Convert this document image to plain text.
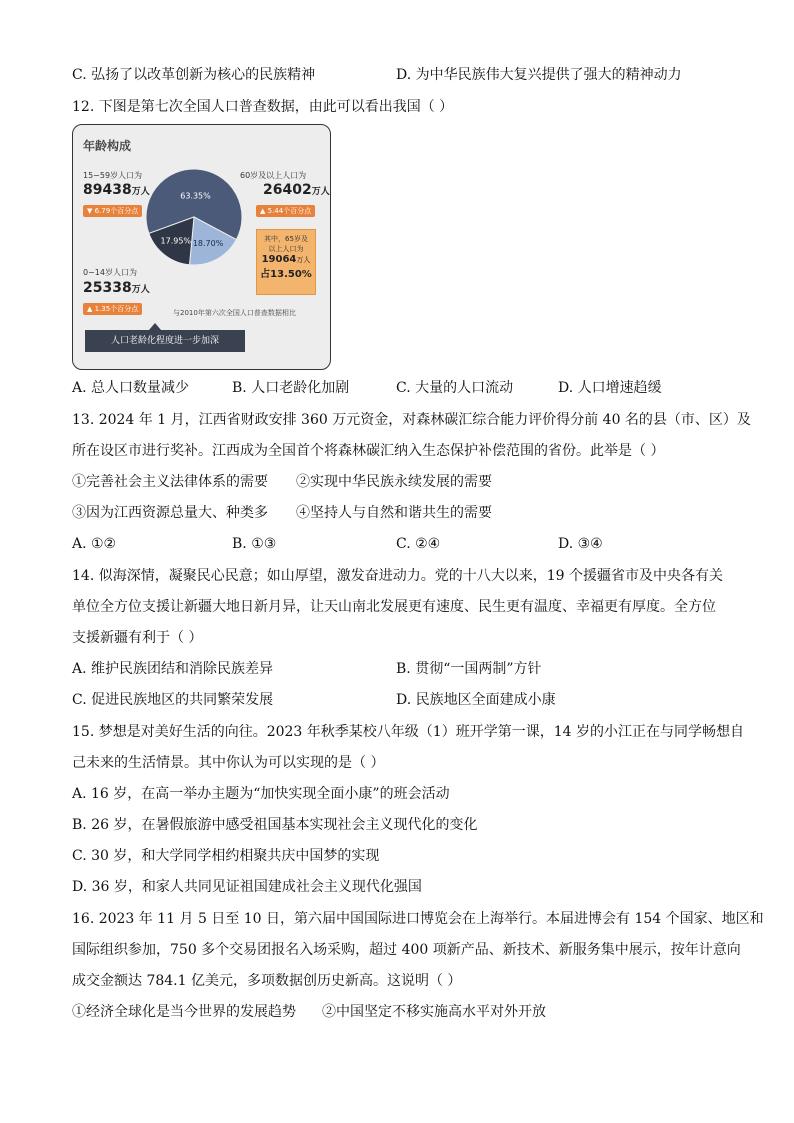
C. 弘扬了以改革创新为核心的民族精神	D. 为中华民族伟大复兴提供了强大的精神动力
12. 下图是第七次全国人口普查数据，由此可以看出我国（ ）
年龄构成
15−59岁人口为
89438万人
▼ 6.79个百分点
60岁及以上人口为
26402万人
▲ 5.44个百分点
其中，65岁及
以上人口为
19064万人
占13.50%
0−14岁人口为
25338万人
▲ 1.35个百分点
63.35%
18.70%
17.95%
与2010年第六次全国人口普查数据相比
人口老龄化程度进一步加深
A. 总人口数量减少	B. 人口老龄化加剧	C. 大量的人口流动	D. 人口增速趋缓
13. 2024 年 1 月，江西省财政安排 360 万元资金，对森林碳汇综合能力评价得分前 40 名的县（市、区）及
所在设区市进行奖补。江西成为全国首个将森林碳汇纳入生态保护补偿范围的省份。此举是（ ）
①完善社会主义法律体系的需要 ②实现中华民族永续发展的需要
③因为江西资源总量大、种类多 ④坚持人与自然和谐共生的需要
A. ①②	B. ①③	C. ②④	D. ③④
14. 似海深情，凝聚民心民意；如山厚望，激发奋进动力。党的十八大以来，19 个援疆省市及中央各有关
单位全方位支援让新疆大地日新月异，让天山南北发展更有速度、民生更有温度、幸福更有厚度。全方位
支援新疆有利于（ ）
A. 维护民族团结和消除民族差异	B. 贯彻“一国两制”方针
C. 促进民族地区的共同繁荣发展	D. 民族地区全面建成小康
15. 梦想是对美好生活的向往。2023 年秋季某校八年级（1）班开学第一课，14 岁的小江正在与同学畅想自
己未来的生活情景。其中你认为可以实现的是（ ）
A. 16 岁，在高一举办主题为“加快实现全面小康”的班会活动
B. 26 岁，在暑假旅游中感受祖国基本实现社会主义现代化的变化
C. 30 岁，和大学同学相约相聚共庆中国梦的实现
D. 36 岁，和家人共同见证祖国建成社会主义现代化强国
16. 2023 年 11 月 5 日至 10 日，第六届中国国际进口博览会在上海举行。本届进博会有 154 个国家、地区和
国际组织参加，750 多个交易团报名入场采购，超过 400 项新产品、新技术、新服务集中展示，按年计意向
成交金额达 784.1 亿美元，多项数据创历史新高。这说明（ ）
①经济全球化是当今世界的发展趋势 ②中国坚定不移实施高水平对外开放
